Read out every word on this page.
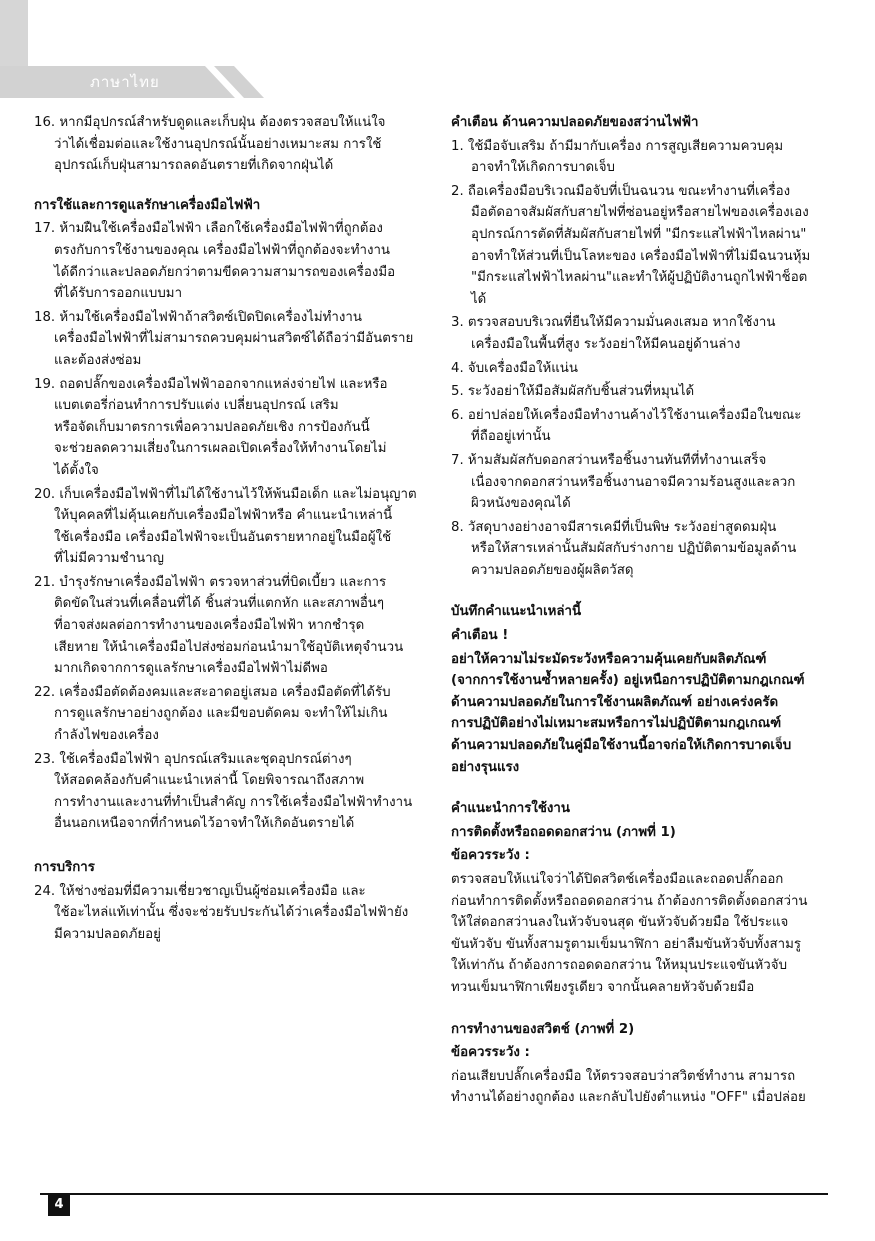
ภาษาไทย
16. หากมีอุปกรณ์สำหรับดูดและเก็บฝุ่น ต้องตรวจสอบให้แน่ใจ
ว่าได้เชื่อมต่อและใช้งานอุปกรณ์นั้นอย่างเหมาะสม การใช้
อุปกรณ์เก็บฝุ่นสามารถลดอันตรายที่เกิดจากฝุ่นได้
การใช้และการดูแลรักษาเครื่องมือไฟฟ้า
17. ห้ามฝืนใช้เครื่องมือไฟฟ้า เลือกใช้เครื่องมือไฟฟ้าที่ถูกต้อง
ตรงกับการใช้งานของคุณ เครื่องมือไฟฟ้าที่ถูกต้องจะทำงาน
ได้ดีกว่าและปลอดภัยกว่าตามขีดความสามารถของเครื่องมือ
ที่ได้รับการออกแบบมา
18. ห้ามใช้เครื่องมือไฟฟ้าถ้าสวิตซ์เปิดปิดเครื่องไม่ทำงาน
เครื่องมือไฟฟ้าที่ไม่สามารถควบคุมผ่านสวิตซ์ได้ถือว่ามีอันตราย
และต้องส่งซ่อม
19. ถอดปลั๊กของเครื่องมือไฟฟ้าออกจากแหล่งจ่ายไฟ และหรือ
แบตเตอรี่ก่อนทำการปรับแต่ง เปลี่ยนอุปกรณ์ เสริม
หรือจัดเก็บมาตรการเพื่อความปลอดภัยเชิง การป้องกันนี้
จะช่วยลดความเสี่ยงในการเผลอเปิดเครื่องให้ทำงานโดยไม่
ได้ตั้งใจ
20. เก็บเครื่องมือไฟฟ้าที่ไม่ได้ใช้งานไว้ให้พ้นมือเด็ก และไม่อนุญาต
ให้บุคคลที่ไม่คุ้นเคยกับเครื่องมือไฟฟ้าหรือ คำแนะนำเหล่านี้
ใช้เครื่องมือ เครื่องมือไฟฟ้าจะเป็นอันตรายหากอยู่ในมือผู้ใช้
ที่ไม่มีความชำนาญ
21. บำรุงรักษาเครื่องมือไฟฟ้า ตรวจหาส่วนที่บิดเบี้ยว และการ
ติดขัดในส่วนที่เคลื่อนที่ได้ ชิ้นส่วนที่แตกหัก และสภาพอื่นๆ
ที่อาจส่งผลต่อการทำงานของเครื่องมือไฟฟ้า หากชำรุด
เสียหาย ให้นำเครื่องมือไปส่งซ่อมก่อนนำมาใช้อุบัติเหตุจำนวน
มากเกิดจากการดูแลรักษาเครื่องมือไฟฟ้าไม่ดีพอ
22. เครื่องมือตัดต้องคมและสะอาดอยู่เสมอ เครื่องมือตัดที่ได้รับ
การดูแลรักษาอย่างถูกต้อง และมีขอบตัดคม จะทำให้ไม่เกิน
กำลังไฟของเครื่อง
23. ใช้เครื่องมือไฟฟ้า อุปกรณ์เสริมและชุดอุปกรณ์ต่างๆ
ให้สอดคล้องกับคำแนะนำเหล่านี้ โดยพิจารณาถึงสภาพ
การทำงานและงานที่ทำเป็นสำคัญ การใช้เครื่องมือไฟฟ้าทำงาน
อื่นนอกเหนือจากที่กำหนดไว้อาจทำให้เกิดอันตรายได้
การบริการ
24. ให้ช่างซ่อมที่มีความเชี่ยวชาญเป็นผู้ซ่อมเครื่องมือ และ
ใช้อะไหล่แท้เท่านั้น ซึ่งจะช่วยรับประกันได้ว่าเครื่องมือไฟฟ้ายัง
มีความปลอดภัยอยู่
คำเตือน ด้านความปลอดภัยของสว่านไฟฟ้า
1. ใช้มือจับเสริม ถ้ามีมากับเครื่อง การสูญเสียความควบคุม
อาจทำให้เกิดการบาดเจ็บ
2. ถือเครื่องมือบริเวณมือจับที่เป็นฉนวน ขณะทำงานที่เครื่อง
มือตัดอาจสัมผัสกับสายไฟที่ซ่อนอยู่หรือสายไฟของเครื่องเอง
อุปกรณ์การตัดที่สัมผัสกับสายไฟที่ "มีกระแสไฟฟ้าไหลผ่าน"
อาจทำให้ส่วนที่เป็นโลหะของ เครื่องมือไฟฟ้าที่ไม่มีฉนวนหุ้ม
"มีกระแสไฟฟ้าไหลผ่าน"และทำให้ผู้ปฏิบัติงานถูกไฟฟ้าช็อต
ได้
3. ตรวจสอบบริเวณที่ยืนให้มีความมั่นคงเสมอ หากใช้งาน
เครื่องมือในพื้นที่สูง ระวังอย่าให้มีคนอยู่ด้านล่าง
4. จับเครื่องมือให้แน่น
5. ระวังอย่าให้มือสัมผัสกับชิ้นส่วนที่หมุนได้
6. อย่าปล่อยให้เครื่องมือทำงานค้างไว้ใช้งานเครื่องมือในขณะ
ที่ถืออยู่เท่านั้น
7. ห้ามสัมผัสกับดอกสว่านหรือชิ้นงานทันทีที่ทำงานเสร็จ
เนื่องจากดอกสว่านหรือชิ้นงานอาจมีความร้อนสูงและลวก
ผิวหนังของคุณได้
8. วัสดุบางอย่างอาจมีสารเคมีที่เป็นพิษ ระวังอย่าสูดดมฝุ่น
หรือให้สารเหล่านั้นสัมผัสกับร่างกาย ปฏิบัติตามข้อมูลด้าน
ความปลอดภัยของผู้ผลิตวัสดุ
บันทึกคำแนะนำเหล่านี้
คำเตือน !
อย่าให้ความไม่ระมัดระวังหรือความคุ้นเคยกับผลิตภัณฑ์
(จากการใช้งานซ้ำหลายครั้ง) อยู่เหนือการปฏิบัติตามกฎเกณฑ์
ด้านความปลอดภัยในการใช้งานผลิตภัณฑ์ อย่างเคร่งครัด
การปฏิบัติอย่างไม่เหมาะสมหรือการไม่ปฏิบัติตามกฎเกณฑ์
ด้านความปลอดภัยในคู่มือใช้งานนี้อาจก่อให้เกิดการบาดเจ็บ
อย่างรุนแรง
คำแนะนำการใช้งาน
การติดตั้งหรือถอดดอกสว่าน (ภาพที่ 1)
ข้อควรระวัง :
ตรวจสอบให้แน่ใจว่าได้ปิดสวิตช์เครื่องมือและถอดปลั๊กออก
ก่อนทำการติดตั้งหรือถอดดอกสว่าน ถ้าต้องการติดตั้งดอกสว่าน
ให้ใส่ดอกสว่านลงในหัวจับจนสุด ขันหัวจับด้วยมือ ใช้ประแจ
ขันหัวจับ ขันทั้งสามรูตามเข็มนาฬิกา อย่าลืมขันหัวจับทั้งสามรู
ให้เท่ากัน ถ้าต้องการถอดดอกสว่าน ให้หมุนประแจขันหัวจับ
ทวนเข็มนาฬิกาเพียงรูเดียว จากนั้นคลายหัวจับด้วยมือ
การทำงานของสวิตช์ (ภาพที่ 2)
ข้อควรระวัง :
ก่อนเสียบปลั๊กเครื่องมือ ให้ตรวจสอบว่าสวิตช์ทำงาน สามารถ
ทำงานได้อย่างถูกต้อง และกลับไปยังตำแหน่ง "OFF" เมื่อปล่อย
4
